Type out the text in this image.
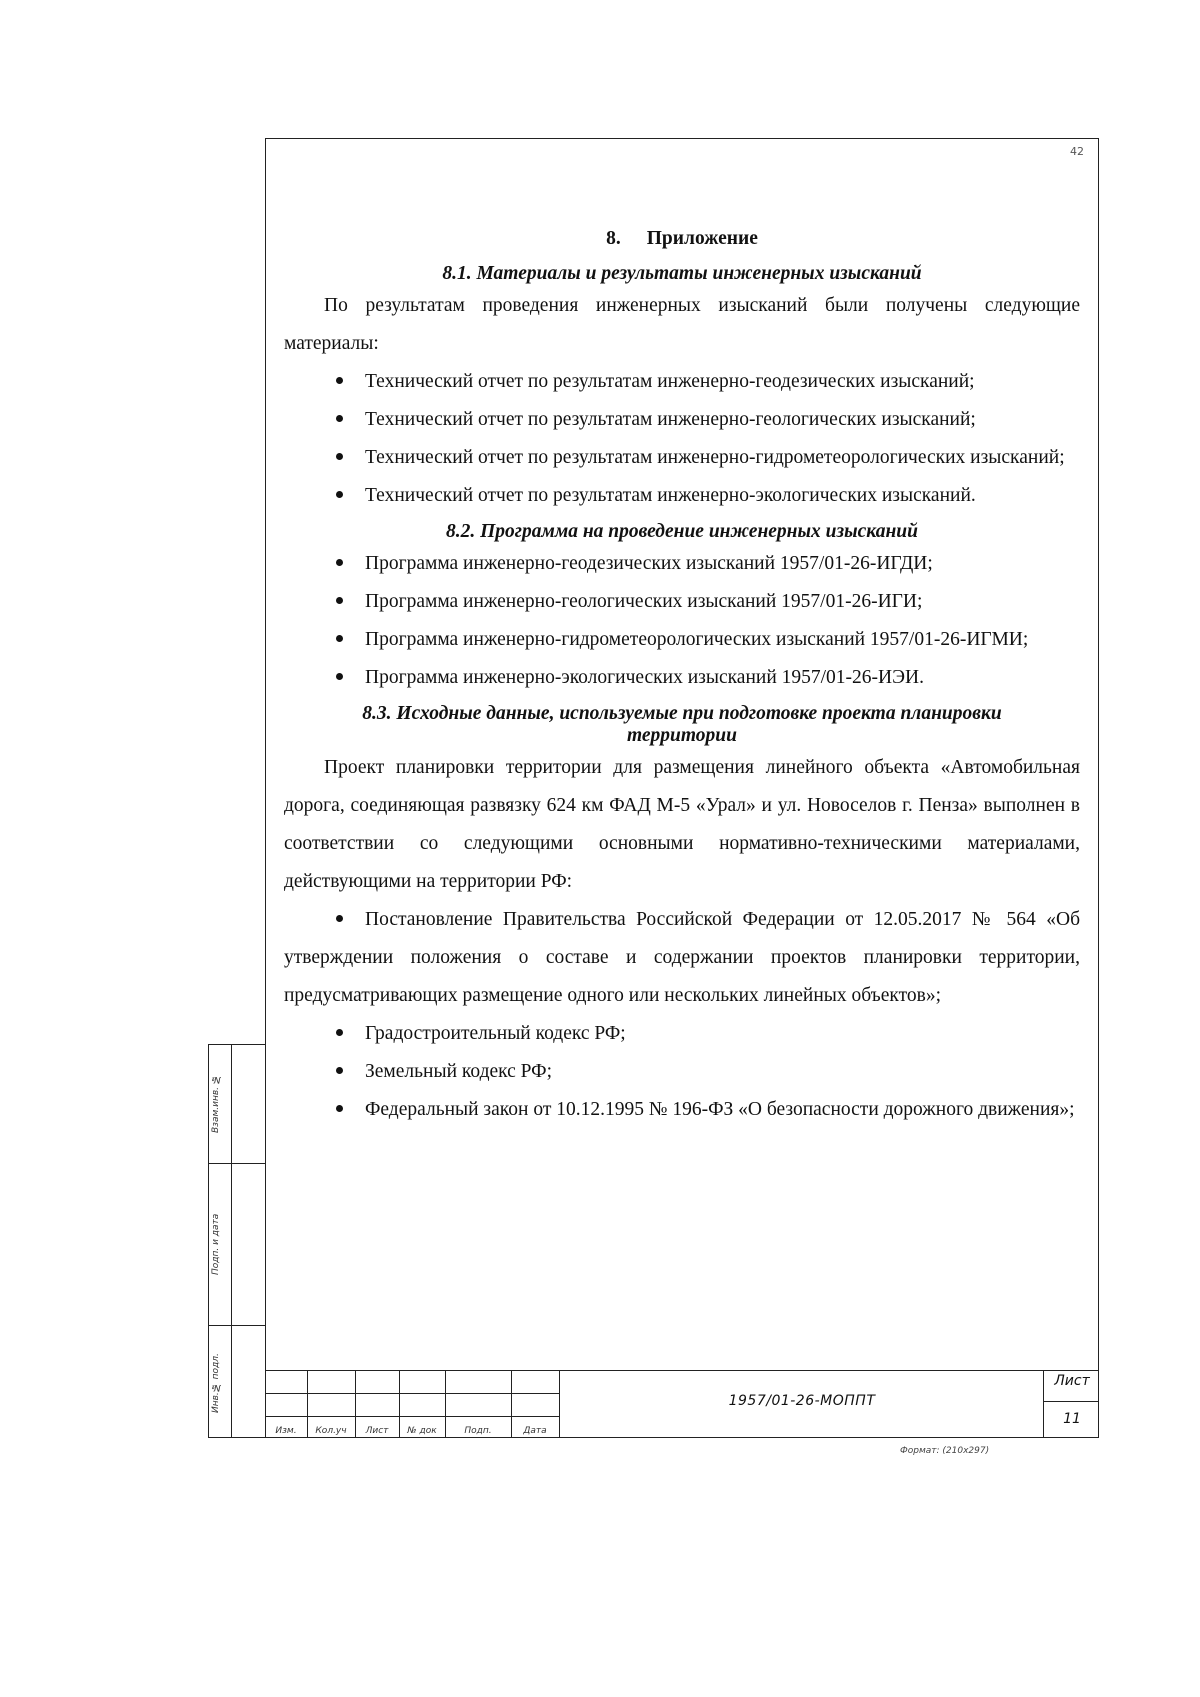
42
8. Приложение
8.1. Материалы и результаты инженерных изысканий

По результатам проведения инженерных изысканий были получены следующие материалы:

Технический отчет по результатам инженерно-геодезических изысканий;
Технический отчет по результатам инженерно-геологических изысканий;
Технический отчет по результатам инженерно-гидрометеорологических изысканий;
Технический отчет по результатам инженерно-экологических изысканий.
8.2. Программа на проведение инженерных изысканий
Программа инженерно-геодезических изысканий 1957/01-26-ИГДИ;
Программа инженерно-геологических изысканий 1957/01-26-ИГИ;
Программа инженерно-гидрометеорологических изысканий 1957/01-26-ИГМИ;
Программа инженерно-экологических изысканий 1957/01-26-ИЭИ.
8.3. Исходные данные, используемые при подготовке проекта планировки
территории

Проект планировки территории для размещения линейного объекта «Автомобильная дорога, соединяющая развязку 624 км ФАД М-5 «Урал» и ул. Новоселов г. Пенза» выполнен в соответствии со следующими основными нормативно-техническими материалами, действующими на территории РФ:

Постановление Правительства Российской Федерации от 12.05.2017 № 564 «Об утверждении положения о составе и содержании проектов планировки территории, предусматривающих размещение одного или нескольких линейных объектов»;
Градостроительный кодекс РФ;
Земельный кодекс РФ;
Федеральный закон от 10.12.1995 № 196-ФЗ «О безопасности дорожного движения»;
Взам.инв. №
Подп. и дата
Инв.№ подл.
Изм.	Кол.уч	Лист	№ док	Подп.	Дата
1957/01-26-МОППТ
Лист
11
Формат: (210х297)
